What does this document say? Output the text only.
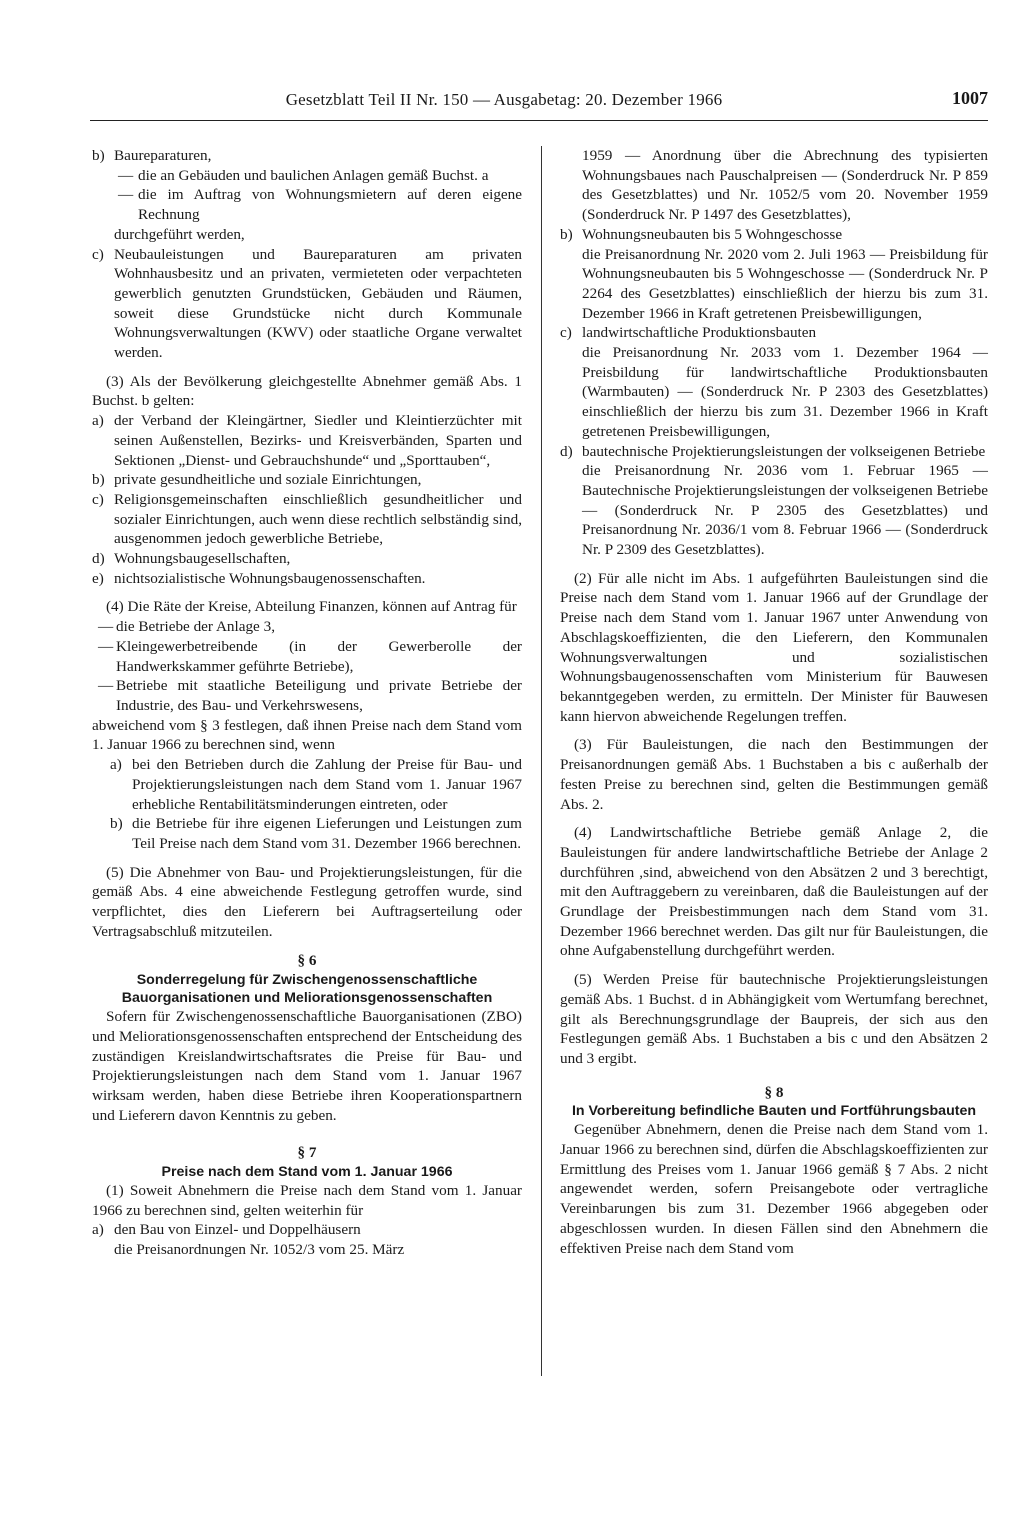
Gesetzblatt Teil II Nr. 150 — Ausgabetag: 20. Dezember 1966	1007
b) Baureparaturen,
— die an Gebäuden und baulichen Anlagen gemäß Buchst. a
— die im Auftrag von Wohnungsmietern auf deren eigene Rechnung
durchgeführt werden,
c) Neubauleistungen und Baureparaturen am privaten Wohnhausbesitz und an privaten, vermieteten oder verpachteten gewerblich genutzten Grundstücken, Gebäuden und Räumen, soweit diese Grundstücke nicht durch Kommunale Wohnungsverwaltungen (KWV) oder staatliche Organe verwaltet werden.

(3) Als der Bevölkerung gleichgestellte Abnehmer gemäß Abs. 1 Buchst. b gelten:

a) der Verband der Kleingärtner, Siedler und Kleintierzüchter mit seinen Außenstellen, Bezirks- und Kreisverbänden, Sparten und Sektionen „Dienst- und Gebrauchshunde“ und „Sporttauben“,
b) private gesundheitliche und soziale Einrichtungen,
c) Religionsgemeinschaften einschließlich gesundheitlicher und sozialer Einrichtungen, auch wenn diese rechtlich selbständig sind, ausgenommen jedoch gewerbliche Betriebe,
d) Wohnungsbaugesellschaften,
e) nichtsozialistische Wohnungsbaugenossenschaften.

(4) Die Räte der Kreise, Abteilung Finanzen, können auf Antrag für

— die Betriebe der Anlage 3,
— Kleingewerbetreibende (in der Gewerberolle der Handwerkskammer geführte Betriebe),
— Betriebe mit staatliche Beteiligung und private Betriebe der Industrie, des Bau- und Verkehrswesens,

abweichend vom § 3 festlegen, daß ihnen Preise nach dem Stand vom 1. Januar 1966 zu berechnen sind, wenn

a) bei den Betrieben durch die Zahlung der Preise für Bau- und Projektierungsleistungen nach dem Stand vom 1. Januar 1967 erhebliche Rentabilitätsminderungen eintreten, oder
b) die Betriebe für ihre eigenen Lieferungen und Leistungen zum Teil Preise nach dem Stand vom 31. Dezember 1966 berechnen.

(5) Die Abnehmer von Bau- und Projektierungsleistungen, für die gemäß Abs. 4 eine abweichende Festlegung getroffen wurde, sind verpflichtet, dies den Lieferern bei Auftragserteilung oder Vertragsabschluß mitzuteilen.

§ 6
Sonderregelung für Zwischengenossenschaftliche Bauorganisationen und Meliorationsgenossenschaften

Sofern für Zwischengenossenschaftliche Bauorganisationen (ZBO) und Meliorationsgenossenschaften entsprechend der Entscheidung des zuständigen Kreislandwirtschaftsrates die Preise für Bau- und Projektierungsleistungen nach dem Stand vom 1. Januar 1967 wirksam werden, haben diese Betriebe ihren Kooperationspartnern und Lieferern davon Kenntnis zu geben.

§ 7
Preise nach dem Stand vom 1. Januar 1966

(1) Soweit Abnehmern die Preise nach dem Stand vom 1. Januar 1966 zu berechnen sind, gelten weiterhin für

a) den Bau von Einzel- und Doppelhäusern
die Preisanordnungen Nr. 1052/3 vom 25. März
1959 — Anordnung über die Abrechnung des typisierten Wohnungsbaues nach Pauschalpreisen — (Sonderdruck Nr. P 859 des Gesetzblattes) und Nr. 1052/5 vom 20. November 1959 (Sonderdruck Nr. P 1497 des Gesetzblattes),
b) Wohnungsneubauten bis 5 Wohngeschosse
die Preisanordnung Nr. 2020 vom 2. Juli 1963 — Preisbildung für Wohnungsneubauten bis 5 Wohngeschosse — (Sonderdruck Nr. P 2264 des Gesetzblattes) einschließlich der hierzu bis zum 31. Dezember 1966 in Kraft getretenen Preisbewilligungen,
c) landwirtschaftliche Produktionsbauten
die Preisanordnung Nr. 2033 vom 1. Dezember 1964 — Preisbildung für landwirtschaftliche Produktionsbauten (Warmbauten) — (Sonderdruck Nr. P 2303 des Gesetzblattes) einschließlich der hierzu bis zum 31. Dezember 1966 in Kraft getretenen Preisbewilligungen,
d) bautechnische Projektierungsleistungen der volkseigenen Betriebe
die Preisanordnung Nr. 2036 vom 1. Februar 1965 — Bautechnische Projektierungsleistungen der volkseigenen Betriebe — (Sonderdruck Nr. P 2305 des Gesetzblattes) und Preisanordnung Nr. 2036/1 vom 8. Februar 1966 — (Sonderdruck Nr. P 2309 des Gesetzblattes).

(2) Für alle nicht im Abs. 1 aufgeführten Bauleistungen sind die Preise nach dem Stand vom 1. Januar 1966 auf der Grundlage der Preise nach dem Stand vom 1. Januar 1967 unter Anwendung von Abschlagskoeffizienten, die den Lieferern, den Kommunalen Wohnungsverwaltungen und sozialistischen Wohnungsbaugenossenschaften vom Ministerium für Bauwesen bekanntgegeben werden, zu ermitteln. Der Minister für Bauwesen kann hiervon abweichende Regelungen treffen.

(3) Für Bauleistungen, die nach den Bestimmungen der Preisanordnungen gemäß Abs. 1 Buchstaben a bis c außerhalb der festen Preise zu berechnen sind, gelten die Bestimmungen gemäß Abs. 2.

(4) Landwirtschaftliche Betriebe gemäß Anlage 2, die Bauleistungen für andere landwirtschaftliche Betriebe der Anlage 2 durchführen ,sind, abweichend von den Absätzen 2 und 3 berechtigt, mit den Auftraggebern zu vereinbaren, daß die Bauleistungen auf der Grundlage der Preisbestimmungen nach dem Stand vom 31. Dezember 1966 berechnet werden. Das gilt nur für Bauleistungen, die ohne Aufgabenstellung durchgeführt werden.

(5) Werden Preise für bautechnische Projektierungsleistungen gemäß Abs. 1 Buchst. d in Abhängigkeit vom Wertumfang berechnet, gilt als Berechnungsgrundlage der Baupreis, der sich aus den Festlegungen gemäß Abs. 1 Buchstaben a bis c und den Absätzen 2 und 3 ergibt.

§ 8
In Vorbereitung befindliche Bauten und Fortführungsbauten

Gegenüber Abnehmern, denen die Preise nach dem Stand vom 1. Januar 1966 zu berechnen sind, dürfen die Abschlagskoeffizienten zur Ermittlung des Preises vom 1. Januar 1966 gemäß § 7 Abs. 2 nicht angewendet werden, sofern Preisangebote oder vertragliche Vereinbarungen bis zum 31. Dezember 1966 abgegeben oder abgeschlossen wurden. In diesen Fällen sind den Abnehmern die effektiven Preise nach dem Stand vom
